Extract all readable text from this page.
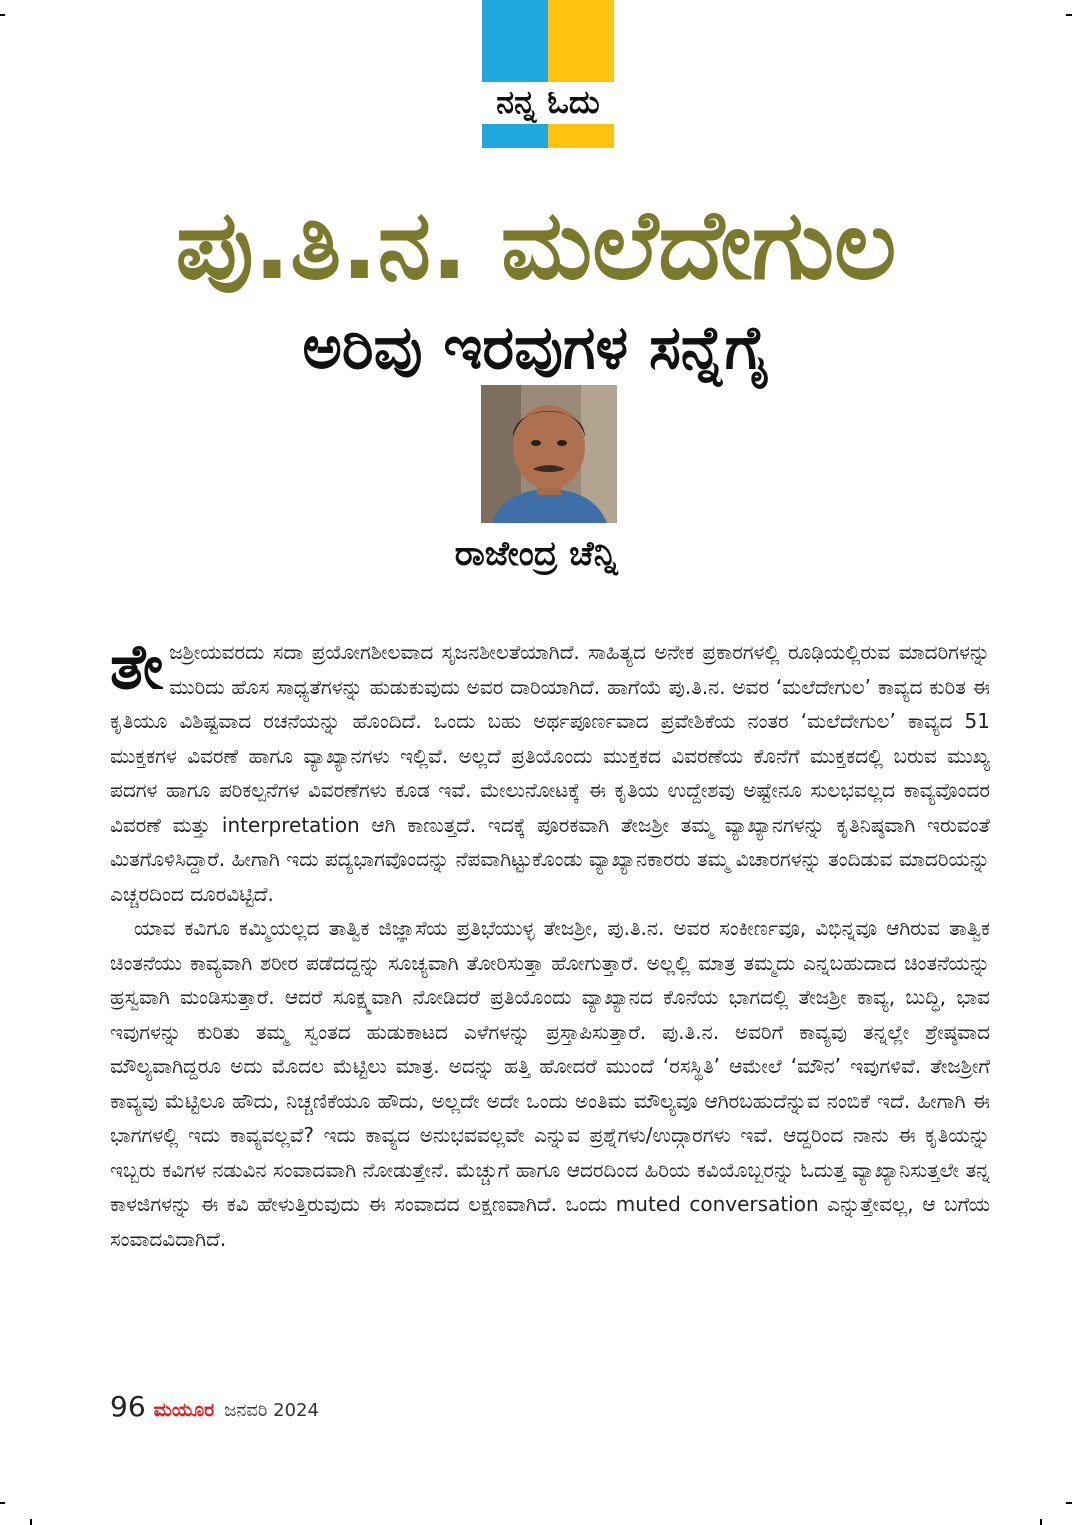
ನನ್ನ ಓದು
ಪು.ತಿ.ನ. ಮಲೆದೇಗುಲ
ಅರಿವು ಇರವುಗಳ ಸನ್ನೆಗೈ
ರಾಜೇಂದ್ರ ಚೆನ್ನಿ

ತೇಜಶ್ರೀಯವರದು ಸದಾ ಪ್ರಯೋಗಶೀಲವಾದ ಸೃಜನಶೀಲತೆಯಾಗಿದೆ. ಸಾಹಿತ್ಯದ ಅನೇಕ ಪ್ರಕಾರಗಳಲ್ಲಿ ರೂಢಿಯಲ್ಲಿರುವ ಮಾದರಿಗಳನ್ನು ಮುರಿದು ಹೊಸ ಸಾಧ್ಯತೆಗಳನ್ನು ಹುಡುಕುವುದು ಅವರ ದಾರಿಯಾಗಿದೆ. ಹಾಗೆಯೆ ಪು.ತಿ.ನ. ಅವರ ‘ಮಲೆದೇಗುಲ’ ಕಾವ್ಯದ ಕುರಿತ ಈ ಕೃತಿಯೂ ವಿಶಿಷ್ಟವಾದ ರಚನೆಯನ್ನು ಹೊಂದಿದೆ. ಒಂದು ಬಹು ಅರ್ಥಪೂರ್ಣವಾದ ಪ್ರವೇಶಿಕೆಯ ನಂತರ ‘ಮಲೆದೇಗುಲ’ ಕಾವ್ಯದ 51 ಮುಕ್ತಕಗಳ ವಿವರಣೆ ಹಾಗೂ ವ್ಯಾಖ್ಯಾನಗಳು ಇಲ್ಲಿವೆ. ಅಲ್ಲದೆ ಪ್ರತಿಯೊಂದು ಮುಕ್ತಕದ ವಿವರಣೆಯ ಕೊನೆಗೆ ಮುಕ್ತಕದಲ್ಲಿ ಬರುವ ಮುಖ್ಯ ಪದಗಳ ಹಾಗೂ ಪರಿಕಲ್ಪನೆಗಳ ವಿವರಣೆಗಳು ಕೂಡ ಇವೆ. ಮೇಲುನೋಟಕ್ಕೆ ಈ ಕೃತಿಯ ಉದ್ದೇಶವು ಅಷ್ಟೇನೂ ಸುಲಭವಲ್ಲದ ಕಾವ್ಯವೊಂದರ ವಿವರಣೆ ಮತ್ತು interpretation ಆಗಿ ಕಾಣುತ್ತದೆ. ಇದಕ್ಕೆ ಪೂರಕವಾಗಿ ತೇಜಶ್ರೀ ತಮ್ಮ ವ್ಯಾಖ್ಯಾನಗಳನ್ನು ಕೃತಿನಿಷ್ಠವಾಗಿ ಇರುವಂತೆ ಮಿತಗೊಳಿಸಿದ್ದಾರೆ. ಹೀಗಾಗಿ ಇದು ಪದ್ಯಭಾಗವೊಂದನ್ನು ನೆಪವಾಗಿಟ್ಟುಕೊಂಡು ವ್ಯಾಖ್ಯಾನಕಾರರು ತಮ್ಮ ವಿಚಾರಗಳನ್ನು ತಂದಿಡುವ ಮಾದರಿಯನ್ನು ಎಚ್ಚರದಿಂದ ದೂರವಿಟ್ಟಿದೆ.

ಯಾವ ಕವಿಗೂ ಕಮ್ಮಿಯಲ್ಲದ ತಾತ್ವಿಕ ಜಿಜ್ಞಾಸೆಯ ಪ್ರತಿಭೆಯುಳ್ಳ ತೇಜಶ್ರೀ, ಪು.ತಿ.ನ. ಅವರ ಸಂಕೀರ್ಣವೂ, ವಿಭಿನ್ನವೂ ಆಗಿರುವ ತಾತ್ವಿಕ ಚಿಂತನೆಯು ಕಾವ್ಯವಾಗಿ ಶರೀರ ಪಡೆದದ್ದನ್ನು ಸೂಚ್ಯವಾಗಿ ತೋರಿಸುತ್ತಾ ಹೋಗುತ್ತಾರೆ. ಅಲ್ಲಲ್ಲಿ ಮಾತ್ರ ತಮ್ಮದು ಎನ್ನಬಹುದಾದ ಚಿಂತನೆಯನ್ನು ಹ್ರಸ್ವವಾಗಿ ಮಂಡಿಸುತ್ತಾರೆ. ಆದರೆ ಸೂಕ್ಷ್ಮವಾಗಿ ನೋಡಿದರೆ ಪ್ರತಿಯೊಂದು ವ್ಯಾಖ್ಯಾನದ ಕೊನೆಯ ಭಾಗದಲ್ಲಿ ತೇಜಶ್ರೀ ಕಾವ್ಯ, ಬುದ್ಧಿ, ಭಾವ ಇವುಗಳನ್ನು ಕುರಿತು ತಮ್ಮ ಸ್ವಂತದ ಹುಡುಕಾಟದ ಎಳೆಗಳನ್ನು ಪ್ರಸ್ತಾಪಿಸುತ್ತಾರೆ. ಪು.ತಿ.ನ. ಅವರಿಗೆ ಕಾವ್ಯವು ತನ್ನಲ್ಲೇ ಶ್ರೇಷ್ಠವಾದ ಮೌಲ್ಯವಾಗಿದ್ದರೂ ಅದು ಮೊದಲ ಮೆಟ್ಟಿಲು ಮಾತ್ರ. ಅದನ್ನು ಹತ್ತಿ ಹೋದರೆ ಮುಂದೆ ‘ರಸಸ್ಥಿತಿ’ ಆಮೇಲೆ ‘ಮೌನ’ ಇವುಗಳಿವೆ. ತೇಜಶ್ರೀಗೆ ಕಾವ್ಯವು ಮೆಟ್ಟಿಲೂ ಹೌದು, ನಿಚ್ಚಣಿಕೆಯೂ ಹೌದು, ಅಲ್ಲದೇ ಅದೇ ಒಂದು ಅಂತಿಮ ಮೌಲ್ಯವೂ ಆಗಿರಬಹುದೆನ್ನುವ ನಂಬಿಕೆ ಇದೆ. ಹೀಗಾಗಿ ಈ ಭಾಗಗಳಲ್ಲಿ ಇದು ಕಾವ್ಯವಲ್ಲವೆ? ಇದು ಕಾವ್ಯದ ಅನುಭವವಲ್ಲವೇ ಎನ್ನುವ ಪ್ರಶ್ನೆಗಳು/ಉದ್ಗಾರಗಳು ಇವೆ. ಆದ್ದರಿಂದ ನಾನು ಈ ಕೃತಿಯನ್ನು ಇಬ್ಬರು ಕವಿಗಳ ನಡುವಿನ ಸಂವಾದವಾಗಿ ನೋಡುತ್ತೇನೆ. ಮೆಚ್ಚುಗೆ ಹಾಗೂ ಆದರದಿಂದ ಹಿರಿಯ ಕವಿಯೊಬ್ಬರನ್ನು ಓದುತ್ತ ವ್ಯಾಖ್ಯಾನಿಸುತ್ತಲೇ ತನ್ನ ಕಾಳಜಿಗಳನ್ನು ಈ ಕವಿ ಹೇಳುತ್ತಿರುವುದು ಈ ಸಂವಾದದ ಲಕ್ಷಣವಾಗಿದೆ. ಒಂದು muted conversation ಎನ್ನುತ್ತೇವಲ್ಲ, ಆ ಬಗೆಯ ಸಂವಾದವಿದಾಗಿದೆ.

96 ಮಯೂರ ಜನವರಿ 2024
